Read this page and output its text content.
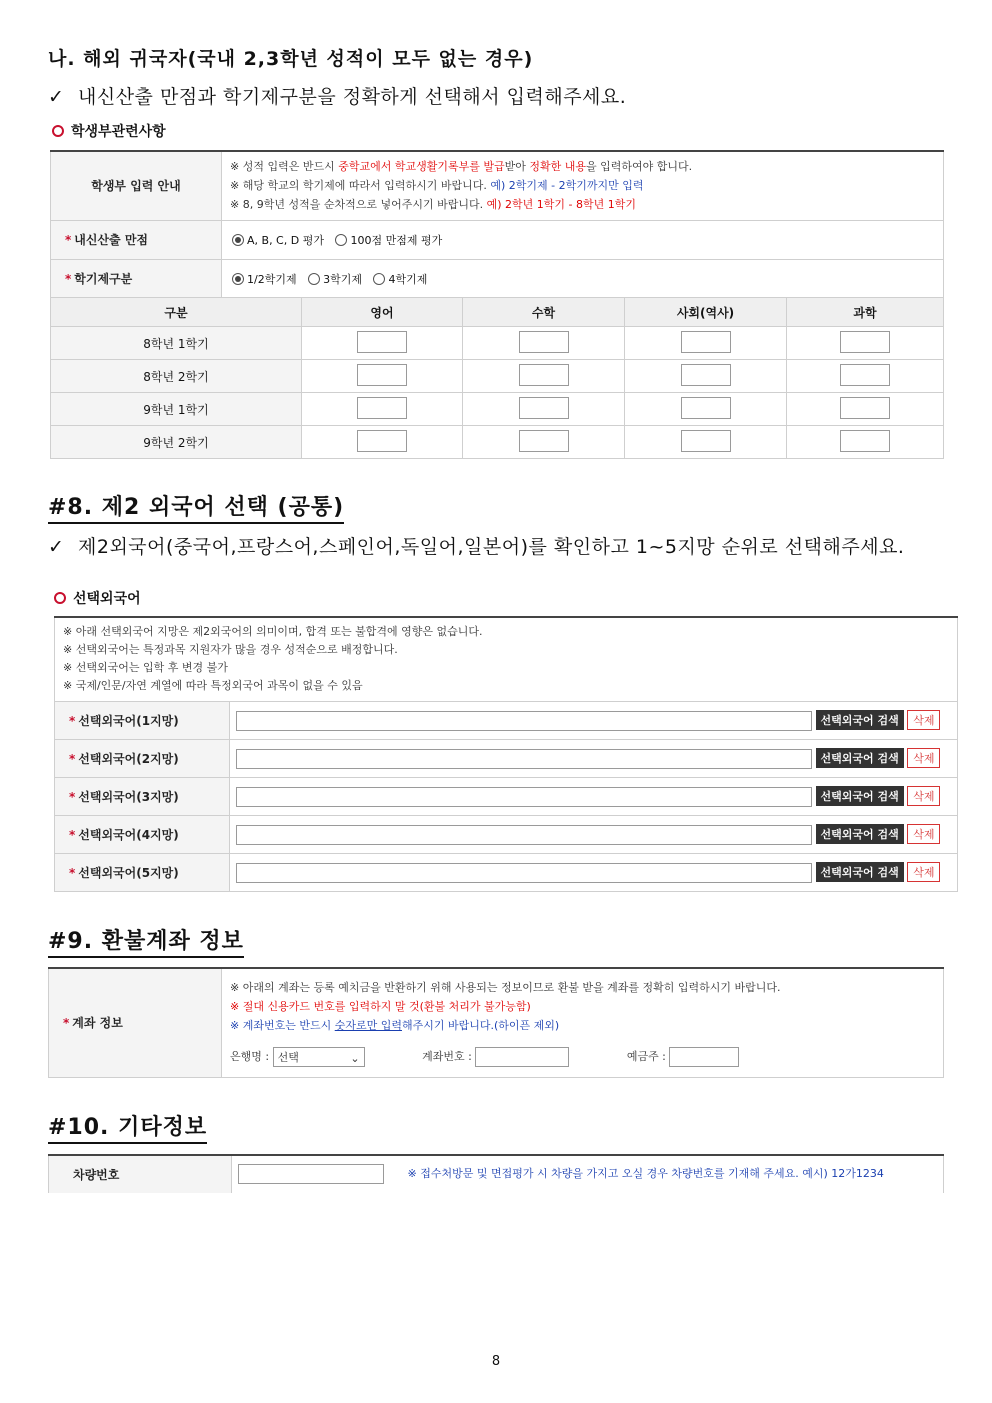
나. 해외 귀국자(국내 2,3학년 성적이 모두 없는 경우)
✓ 내신산출 만점과 학기제구분을 정확하게 선택해서 입력해주세요.
학생부관련사항
학생부 입력 안내	※ 성적 입력은 반드시 중학교에서 학교생활기록부를 발급받아 정확한 내용을 입력하여야 합니다.
※ 해당 학교의 학기제에 따라서 입력하시기 바랍니다. 예) 2학기제 - 2학기까지만 입력
※ 8, 9학년 성적을 순차적으로 넣어주시기 바랍니다. 예) 2학년 1학기 - 8학년 1학기

* 내신산출 만점	A, B, C, D 평가 100점 만점제 평가
* 학기제구분	1/2학기제 3학기제 4학기제
구분	영어	수학	사회(역사)	과학
8학년 1학기				
8학년 2학기				
9학년 1학기				
9학년 2학기				
#8. 제2 외국어 선택 (공통)
✓ 제2외국어(중국어,프랑스어,스페인어,독일어,일본어)를 확인하고 1~5지망 순위로 선택해주세요.
선택외국어
※ 아래 선택외국어 지망은 제2외국어의 의미이며, 합격 또는 불합격에 영향은 없습니다.
※ 선택외국어는 특정과목 지원자가 많을 경우 성적순으로 배정합니다.
※ 선택외국어는 입학 후 변경 불가
※ 국제/인문/자연 계열에 따라 특정외국어 과목이 없을 수 있음	

* 선택외국어(1지망)	선택외국어 검색 삭제
* 선택외국어(2지망)	선택외국어 검색 삭제
* 선택외국어(3지망)	선택외국어 검색 삭제
* 선택외국어(4지망)	선택외국어 검색 삭제
* 선택외국어(5지망)	선택외국어 검색 삭제
#9. 환불계좌 정보
* 계좌 정보	
※ 아래의 계좌는 등록 예치금을 반환하기 위해 사용되는 정보이므로 환불 받을 계좌를 정확히 입력하시기 바랍니다.
※ 절대 신용카드 번호를 입력하지 말 것(환불 처리가 불가능함)
※ 계좌번호는 반드시 숫자로만 입력해주시기 바랍니다.(하이픈 제외)
은행명 : 선택	⌄	계좌번호 :	예금주 :
#10. 기타정보
차량번호	※ 접수처방문 및 면접평가 시 차량을 가지고 오실 경우 차량번호를 기재해 주세요. 예시) 12가1234
8
